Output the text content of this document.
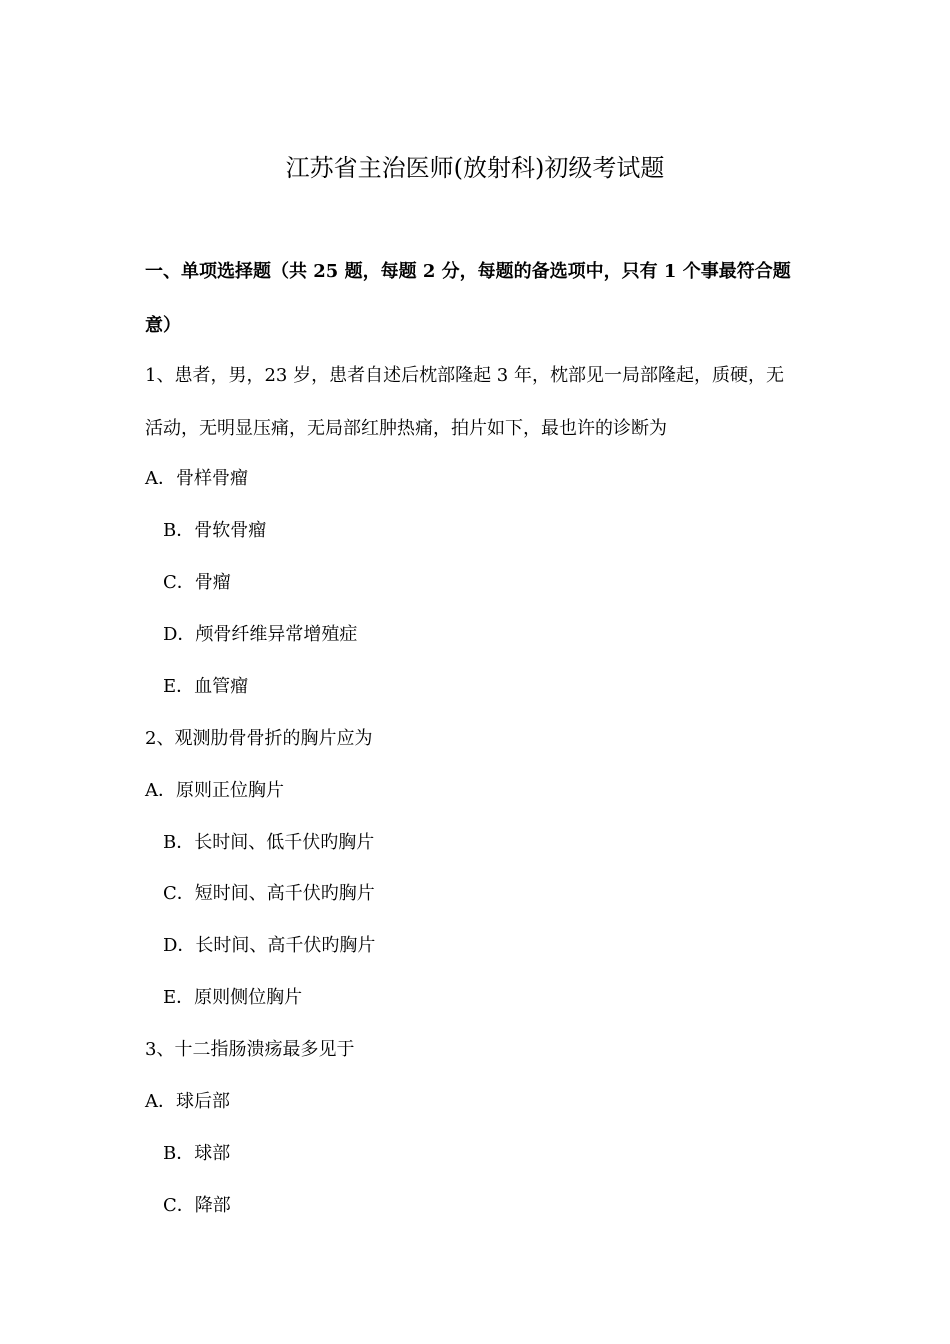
江苏省主治医师(放射科)初级考试题
一、单项选择题（共 25 题，每题 2 分，每题的备选项中，只有 1 个事最符合题
意）
1、患者，男，23 岁，患者自述后枕部隆起 3 年，枕部见一局部隆起，质硬，无
活动，无明显压痛，无局部红肿热痛，拍片如下，最也许的诊断为
A．骨样骨瘤
B．骨软骨瘤
C．骨瘤
D．颅骨纤维异常增殖症
E．血管瘤
2、观测肋骨骨折的胸片应为
A．原则正位胸片
B．长时间、低千伏旳胸片
C．短时间、高千伏旳胸片
D．长时间、高千伏旳胸片
E．原则侧位胸片
3、十二指肠溃疡最多见于
A．球后部
B．球部
C．降部
